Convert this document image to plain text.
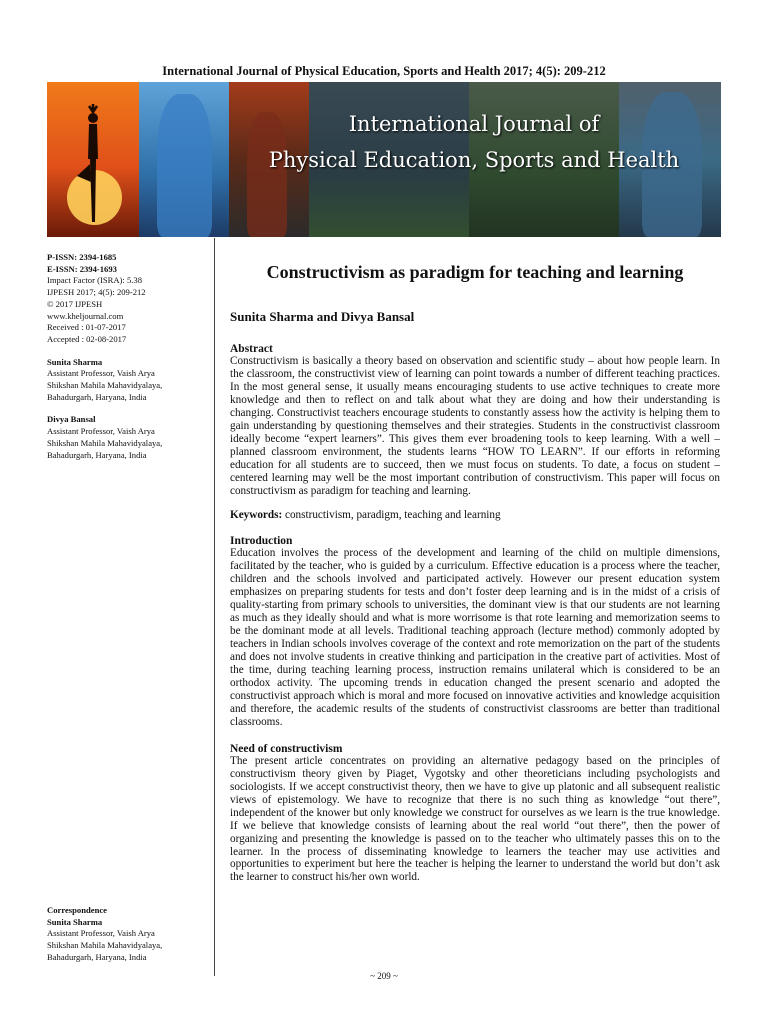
International Journal of Physical Education, Sports and Health 2017; 4(5): 209-212
International Journal of
Physical Education, Sports and Health
P-ISSN: 2394-1685
E-ISSN: 2394-1693
Impact Factor (ISRA): 5.38
IJPESH 2017; 4(5): 209-212
© 2017 IJPESH
www.kheljournal.com
Received : 01-07-2017
Accepted : 02-08-2017
Sunita Sharma
Assistant Professor, Vaish Arya
Shikshan Mahila Mahavidyalaya,
Bahadurgarh, Haryana, India
Divya Bansal
Assistant Professor, Vaish Arya
Shikshan Mahila Mahavidyalaya,
Bahadurgarh, Haryana, India
Correspondence
Sunita Sharma
Assistant Professor, Vaish Arya
Shikshan Mahila Mahavidyalaya,
Bahadurgarh, Haryana, India
Constructivism as paradigm for teaching and learning
Sunita Sharma and Divya Bansal
Abstract

Constructivism is basically a theory based on observation and scientific study – about how people learn. In the classroom, the constructivist view of learning can point towards a number of different teaching practices. In the most general sense, it usually means encouraging students to use active techniques to create more knowledge and then to reflect on and talk about what they are doing and how their understanding is changing. Constructivist teachers encourage students to constantly assess how the activity is helping them to gain understanding by questioning themselves and their strategies. Students in the constructivist classroom ideally become “expert learners”. This gives them ever broadening tools to keep learning. With a well – planned classroom environment, the students learns “HOW TO LEARN”. If our efforts in reforming education for all students are to succeed, then we must focus on students. To date, a focus on student – centered learning may well be the most important contribution of constructivism. This paper will focus on constructivism as paradigm for teaching and learning.

Keywords: constructivism, paradigm, teaching and learning
Introduction

Education involves the process of the development and learning of the child on multiple dimensions, facilitated by the teacher, who is guided by a curriculum. Effective education is a process where the teacher, children and the schools involved and participated actively. However our present education system emphasizes on preparing students for tests and don’t foster deep learning and is in the midst of a crisis of quality-starting from primary schools to universities, the dominant view is that our students are not learning as much as they ideally should and what is more worrisome is that rote learning and memorization seems to be the dominant mode at all levels. Traditional teaching approach (lecture method) commonly adopted by teachers in Indian schools involves coverage of the context and rote memorization on the part of the students and does not involve students in creative thinking and participation in the creative part of activities. Most of the time, during teaching learning process, instruction remains unilateral which is considered to be an orthodox activity. The upcoming trends in education changed the present scenario and adopted the constructivist approach which is moral and more focused on innovative activities and knowledge acquisition and therefore, the academic results of the students of constructivist classrooms are better than traditional classrooms.

Need of constructivism

The present article concentrates on providing an alternative pedagogy based on the principles of constructivism theory given by Piaget, Vygotsky and other theoreticians including psychologists and sociologists. If we accept constructivist theory, then we have to give up platonic and all subsequent realistic views of epistemology. We have to recognize that there is no such thing as knowledge “out there”, independent of the knower but only knowledge we construct for ourselves as we learn is the true knowledge. If we believe that knowledge consists of learning about the real world “out there”, then the power of organizing and presenting the knowledge is passed on to the teacher who ultimately passes this on to the learner. In the process of disseminating knowledge to learners the teacher may use activities and opportunities to experiment but here the teacher is helping the learner to understand the world but don’t ask the learner to construct his/her own world.

~ 209 ~
